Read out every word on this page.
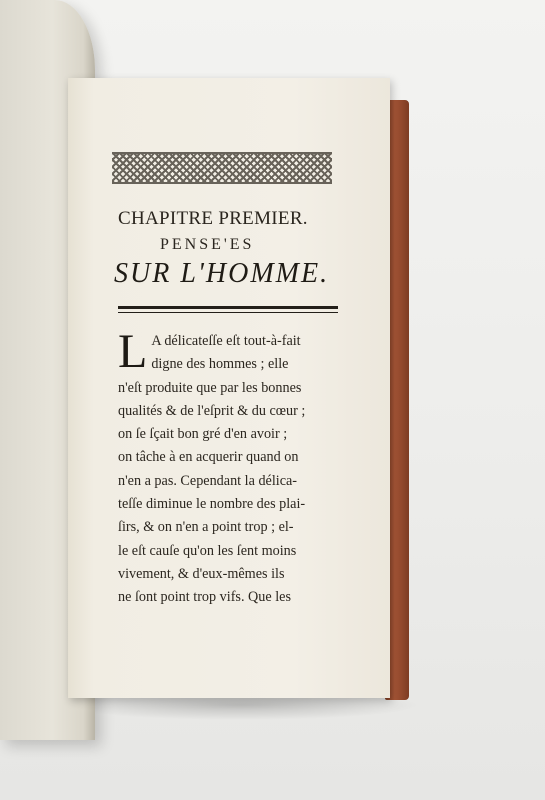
CHAPITRE PREMIER.
PENSE'ES
SUR L'HOMME.
L A délicateſſe eſt tout-à-fait
digne des hommes ; elle
n'eſt produite que par les bonnes
qualités & de l'eſprit & du cœur ;
on ſe ſçait bon gré d'en avoir ;
on tâche à en acquerir quand on
n'en a pas. Cependant la délica-
teſſe diminue le nombre des plai-
ſirs, & on n'en a point trop ; el-
le eſt cauſe qu'on les ſent moins
vivement, & d'eux-mêmes ils
ne ſont point trop vifs. Que les
